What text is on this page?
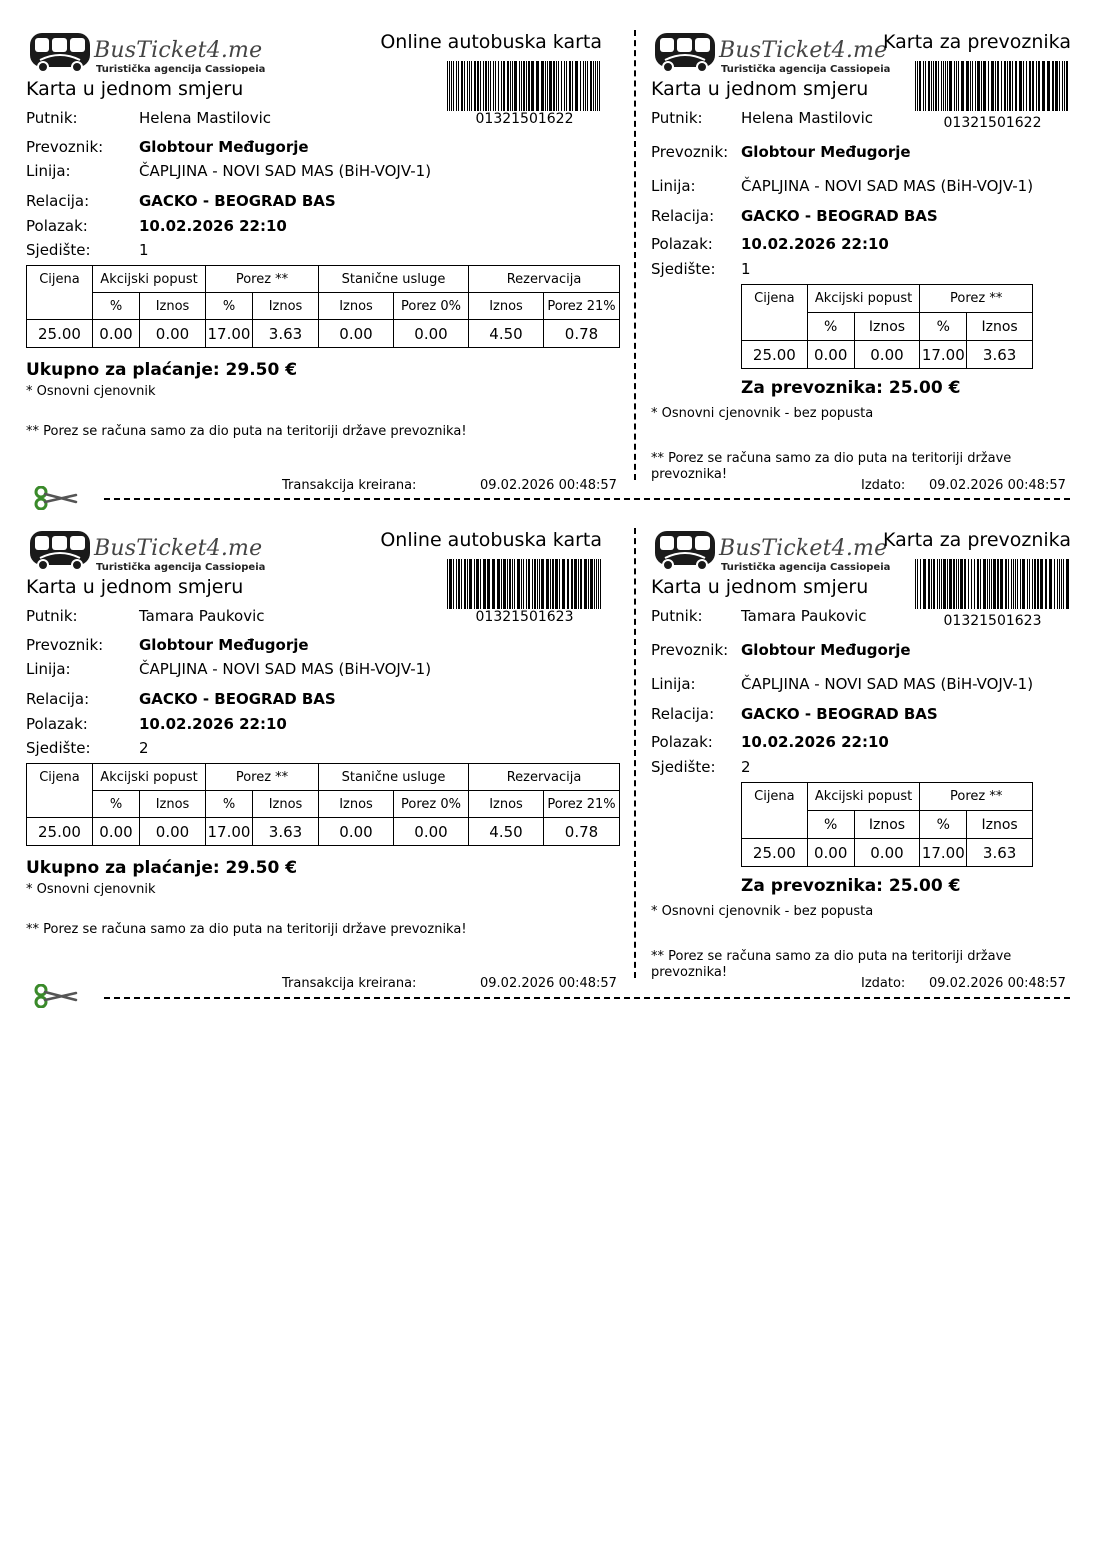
BusTicket4.me
Turistička agencija Cassiopeia
Online autobuska karta
01321501622
Karta u jednom smjeru
Putnik:	Helena Mastilovic
Prevoznik: Globtour Međugorje
Linija:	ČAPLJINA - NOVI SAD MAS (BiH-VOJV-1)
Relacija:	GACKO - BEOGRAD BAS
Polazak:	10.02.2026 22:10
Sjedište:	1
Cijena	Akcijski popust		Porez **		Stanične usluge		Rezervacija	
	%	Iznos	%	Iznos	Iznos	Porez 0%	Iznos	Porez 21%
25.00	0.00	0.00	17.00	3.63	0.00	0.00	4.50	0.78
Ukupno za plaćanje: 29.50 €
* Osnovni cjenovnik
** Porez se računa samo za dio puta na teritoriji države prevoznika!
Transakcija kreirana:	09.02.2026 00:48:57
BusTicket4.me
Turistička agencija Cassiopeia
Karta za prevoznika
01321501622
Karta u jednom smjeru
Putnik:	Helena Mastilovic
Prevoznik: Globtour Međugorje
Linija:	ČAPLJINA - NOVI SAD MAS (BiH-VOJV-1)
Relacija: GACKO - BEOGRAD BAS
Polazak: 10.02.2026 22:10
Sjedište: 1
Cijena	Akcijski popust		Porez **	
	%	Iznos	%	Iznos
25.00	0.00	0.00	17.00	3.63
Za prevoznika: 25.00 €
* Osnovni cjenovnik - bez popusta
** Porez se računa samo za dio puta na teritoriji države prevoznika!
Izdato: 09.02.2026 00:48:57
BusTicket4.me
Turistička agencija Cassiopeia
Online autobuska karta
01321501623
Karta u jednom smjeru
Putnik:	Tamara Paukovic
Prevoznik: Globtour Međugorje
Linija:	ČAPLJINA - NOVI SAD MAS (BiH-VOJV-1)
Relacija:	GACKO - BEOGRAD BAS
Polazak:	10.02.2026 22:10
Sjedište:	2
Cijena	Akcijski popust		Porez **		Stanične usluge		Rezervacija	
	%	Iznos	%	Iznos	Iznos	Porez 0%	Iznos	Porez 21%
25.00	0.00	0.00	17.00	3.63	0.00	0.00	4.50	0.78
Ukupno za plaćanje: 29.50 €
* Osnovni cjenovnik
** Porez se računa samo za dio puta na teritoriji države prevoznika!
Transakcija kreirana:	09.02.2026 00:48:57
BusTicket4.me
Turistička agencija Cassiopeia
Karta za prevoznika
01321501623
Karta u jednom smjeru
Putnik:	Tamara Paukovic
Prevoznik: Globtour Međugorje
Linija:	ČAPLJINA - NOVI SAD MAS (BiH-VOJV-1)
Relacija: GACKO - BEOGRAD BAS
Polazak: 10.02.2026 22:10
Sjedište: 2
Cijena	Akcijski popust		Porez **	
	%	Iznos	%	Iznos
25.00	0.00	0.00	17.00	3.63
Za prevoznika: 25.00 €
* Osnovni cjenovnik - bez popusta
** Porez se računa samo za dio puta na teritoriji države prevoznika!
Izdato: 09.02.2026 00:48:57
